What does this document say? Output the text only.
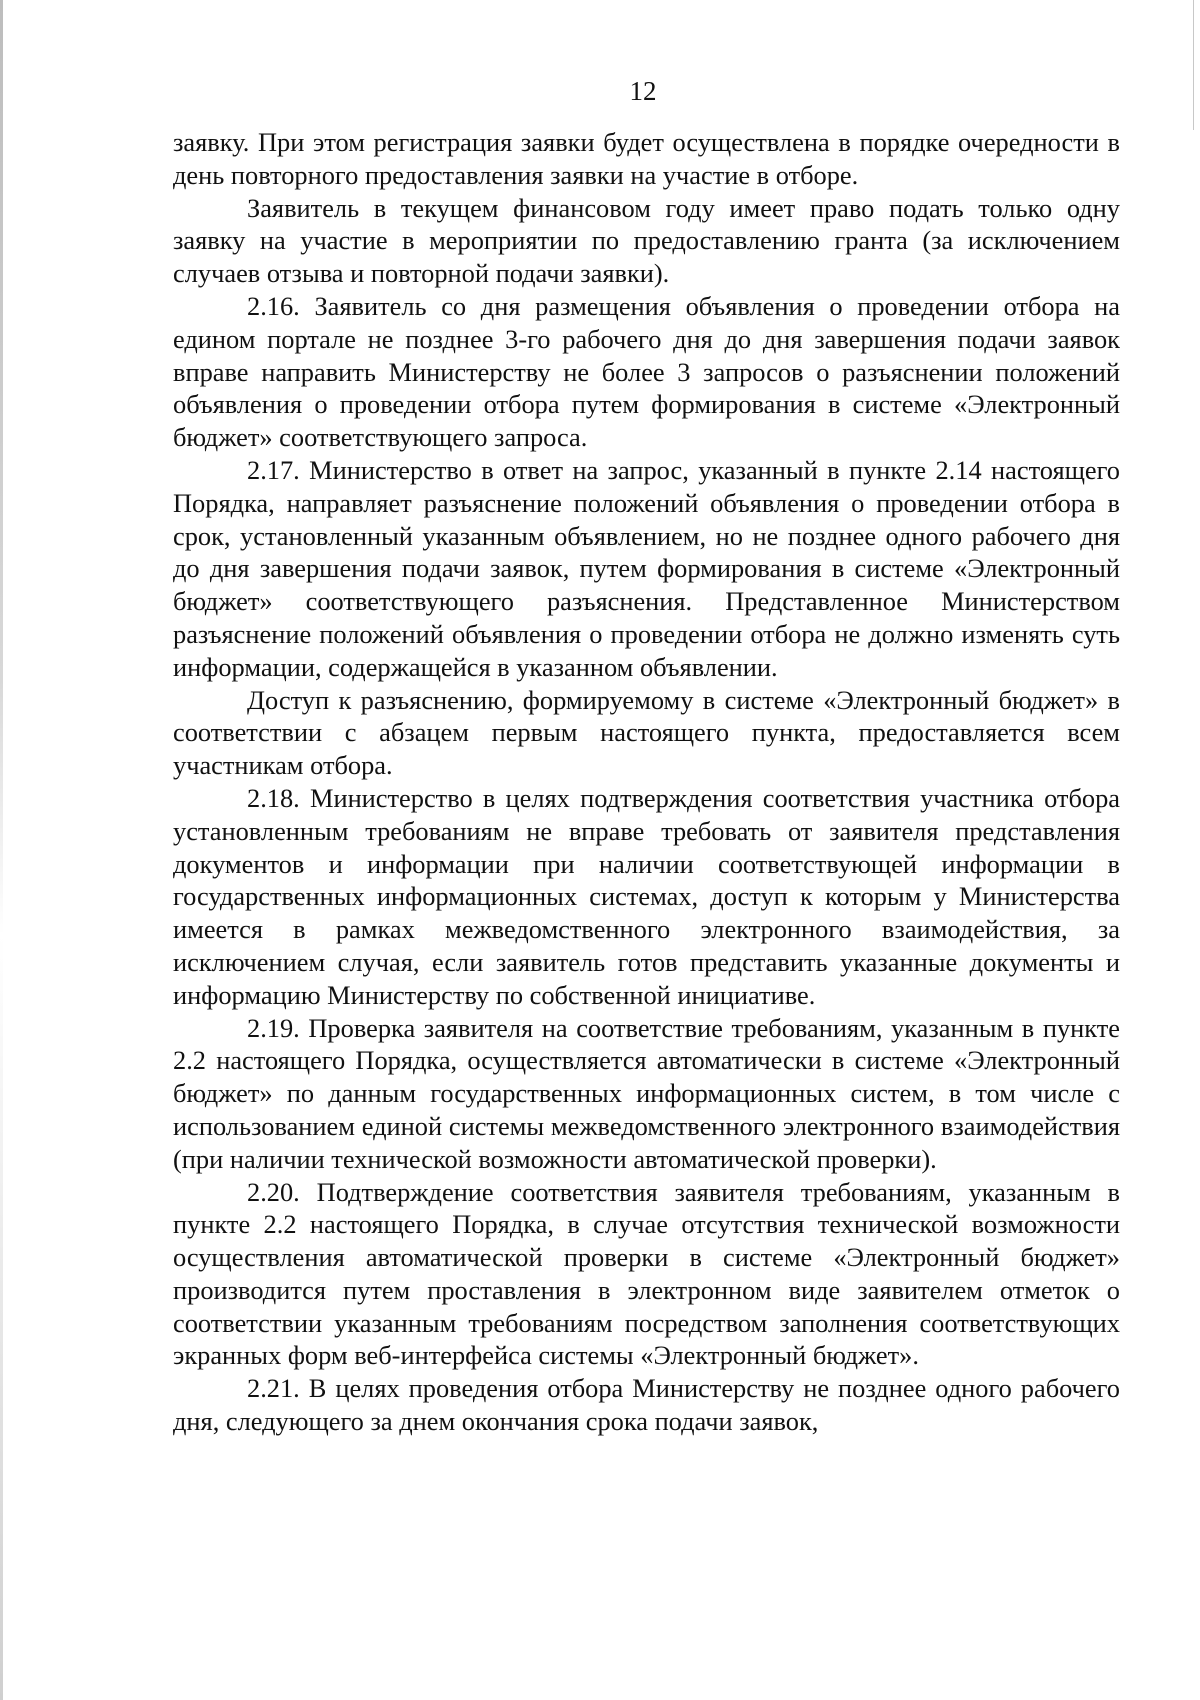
12

заявку. При этом регистрация заявки будет осуществлена в порядке очередности в день повторного предоставления заявки на участие в отборе.

Заявитель в текущем финансовом году имеет право подать только одну заявку на участие в мероприятии по предоставлению гранта (за исключением случаев отзыва и повторной подачи заявки).

2.16. Заявитель со дня размещения объявления о проведении отбора на едином портале не позднее 3-го рабочего дня до дня завершения подачи заявок вправе направить Министерству не более 3 запросов о разъяснении положений объявления о проведении отбора путем формирования в системе «Электронный бюджет» соответствующего запроса.

2.17. Министерство в ответ на запрос, указанный в пункте 2.14 настоящего Порядка, направляет разъяснение положений объявления о проведении отбора в срок, установленный указанным объявлением, но не позднее одного рабочего дня до дня завершения подачи заявок, путем формирования в системе «Электронный бюджет» соответствующего разъяснения. Представленное Министерством разъяснение положений объявления о проведении отбора не должно изменять суть информации, содержащейся в указанном объявлении.

Доступ к разъяснению, формируемому в системе «Электронный бюджет» в соответствии с абзацем первым настоящего пункта, предоставляется всем участникам отбора.

2.18. Министерство в целях подтверждения соответствия участника отбора установленным требованиям не вправе требовать от заявителя представления документов и информации при наличии соответствующей информации в государственных информационных системах, доступ к которым у Министерства имеется в рамках межведомственного электронного взаимодействия, за исключением случая, если заявитель готов представить указанные документы и информацию Министерству по собственной инициативе.

2.19. Проверка заявителя на соответствие требованиям, указанным в пункте 2.2 настоящего Порядка, осуществляется автоматически в системе «Электронный бюджет» по данным государственных информационных систем, в том числе с использованием единой системы межведомственного электронного взаимодействия (при наличии технической возможности автоматической проверки).

2.20. Подтверждение соответствия заявителя требованиям, указанным в пункте 2.2 настоящего Порядка, в случае отсутствия технической возможности осуществления автоматической проверки в системе «Электронный бюджет» производится путем проставления в электронном виде заявителем отметок о соответствии указанным требованиям посредством заполнения соответствующих экранных форм веб-интерфейса системы «Электронный бюджет».

2.21. В целях проведения отбора Министерству не позднее одного рабочего дня, следующего за днем окончания срока подачи заявок,
